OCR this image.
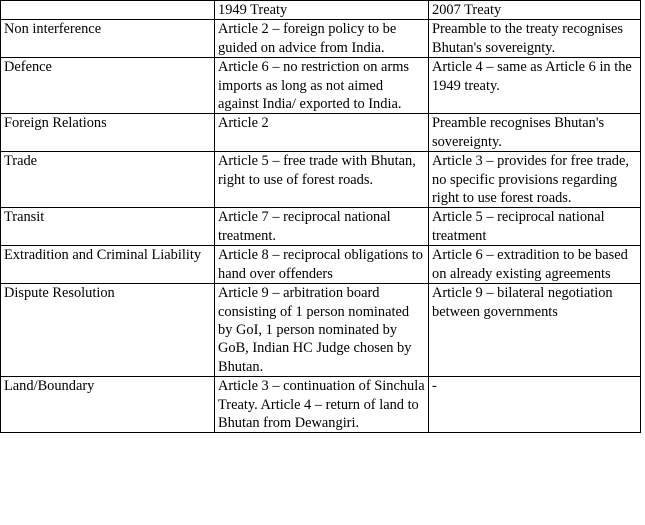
	1949 Treaty	2007 Treaty
Non interference	Article 2 – foreign policy to be guided on advice from India.	Preamble to the treaty recognises Bhutan's sovereignty.
Defence	Article 6 – no restriction on arms imports as long as not aimed against India/ exported to India.	Article 4 – same as Article 6 in the 1949 treaty.
Foreign Relations	Article 2	Preamble recognises Bhutan's sovereignty.
Trade	Article 5 – free trade with Bhutan, right to use of forest roads.	Article 3 – provides for free trade, no specific provisions regarding right to use forest roads.
Transit	Article 7 – reciprocal national treatment.	Article 5 – reciprocal national treatment
Extradition and Criminal Liability	Article 8 – reciprocal obligations to hand over offenders	Article 6 – extradition to be based on already existing agreements
Dispute Resolution	Article 9 – arbitration board consisting of 1 person nominated by GoI, 1 person nominated by GoB, Indian HC Judge chosen by Bhutan.	Article 9 – bilateral negotiation between governments
Land/Boundary	Article 3 – continuation of Sinchula Treaty. Article 4 – return of land to Bhutan from Dewangiri.	-
